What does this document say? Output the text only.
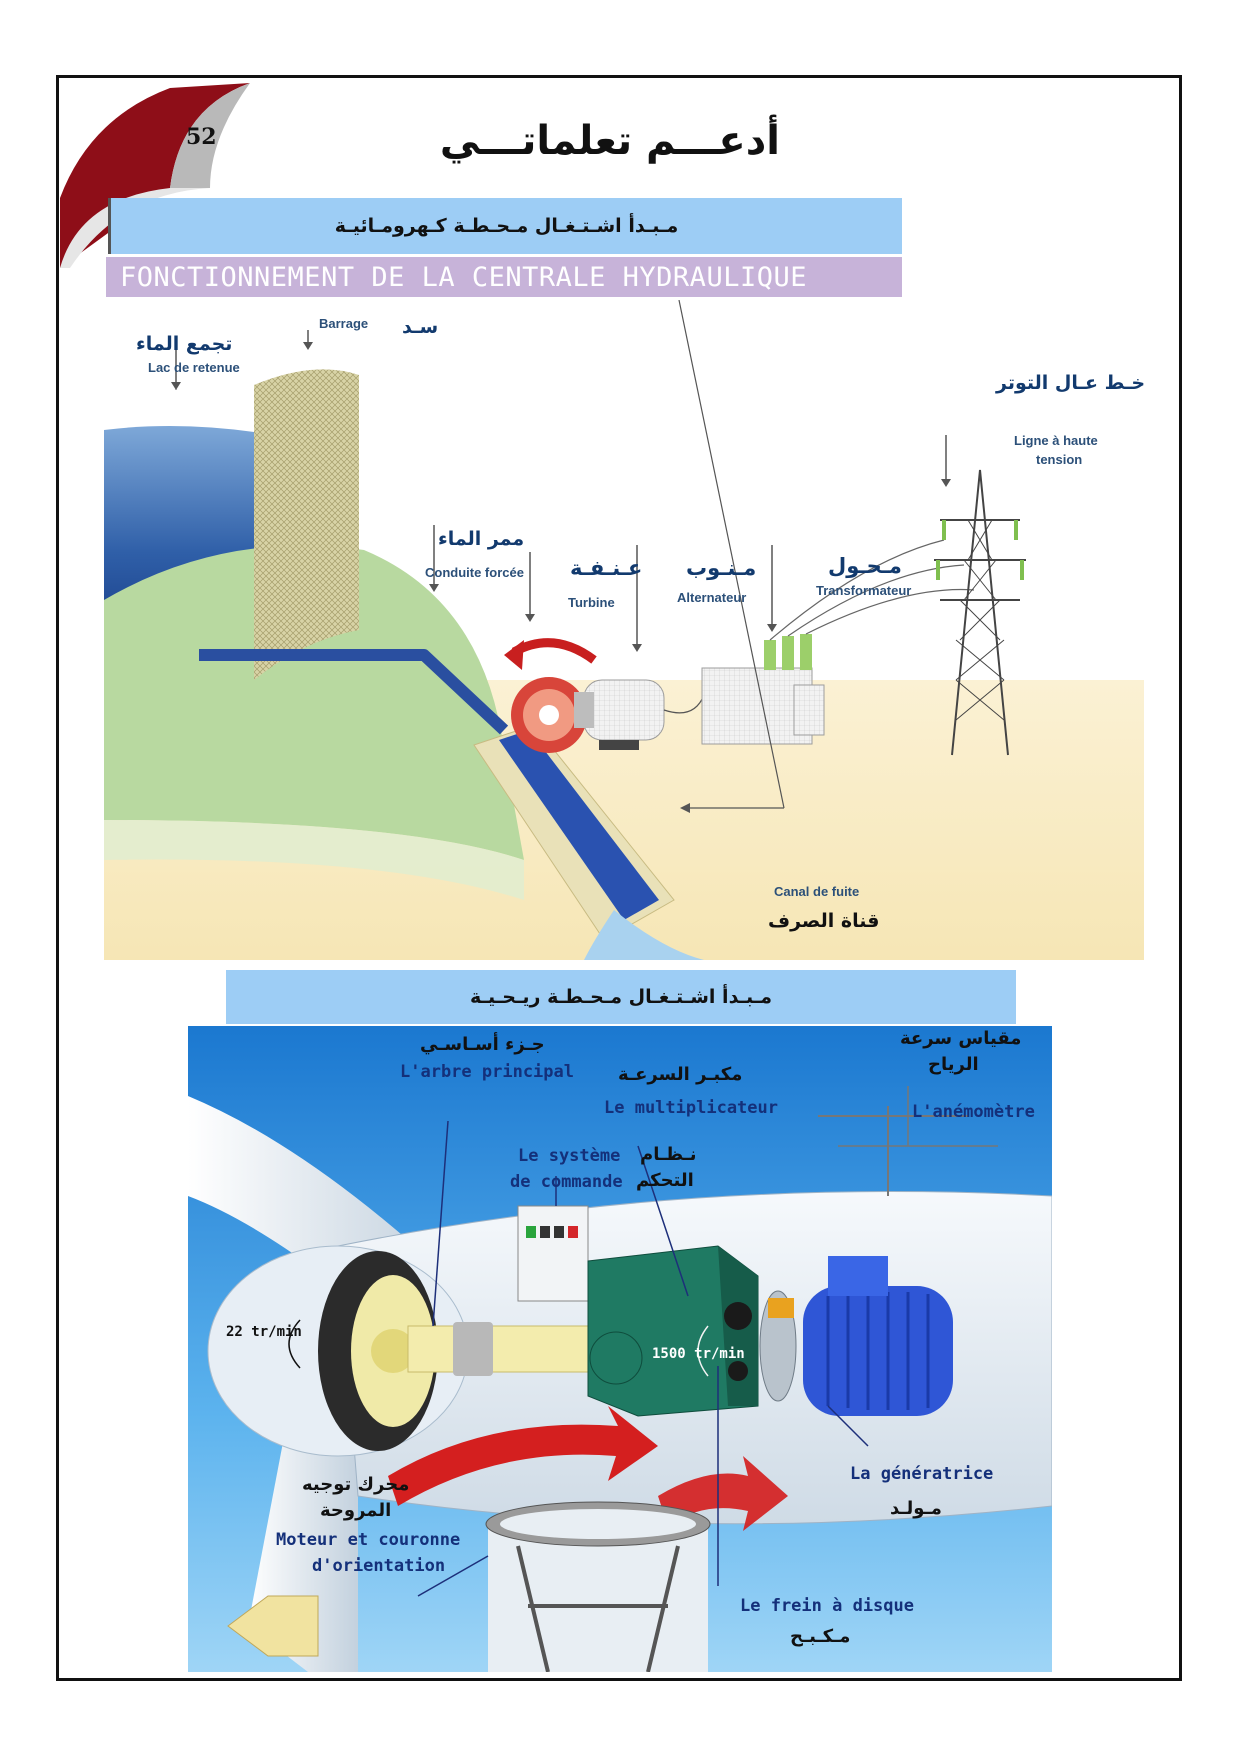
52	أدعـــم تعلماتـــي
مـبـدأ اشـتـغـال مـحـطـة كـهرومـائيـة
FONCTIONNEMENT DE LA CENTRALE HYDRAULIQUE
تجمع الماء
Lac de retenue
Barrage سـد
خـط عـال التوتر
Ligne à haute
tension
ممر الماء
Conduite forcée عـنـفـة
Turbine
مـنـوب
Alternateur
مـحـول
Transformateur
Canal de fuite
قناة الصرف
مـبـدأ اشـتـغـال مـحـطـة ريـحـيـة
جـزء أسـاسـي
L'arbre principal مكبـر السرعـة
Le multiplicateur
مقياس سرعة
الرياح
L'anémomètre
Le système
de commande
نـظـام
التحكم
22 tr/min
1500 tr/min
La génératrice
مـولـد
محرك توجيه
المروحة
Moteur et couronne
d'orientation
Le frein à disque
مـكـبـح
